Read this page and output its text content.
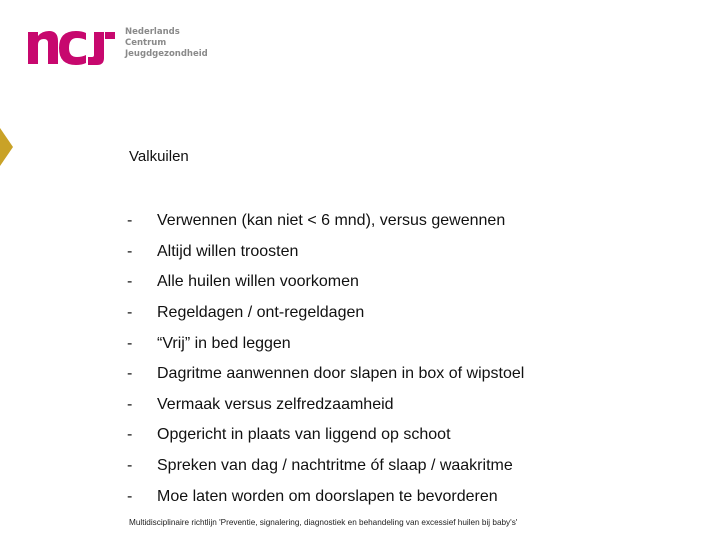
Nederlands
Centrum
Jeugdgezondheid
Valkuilen
-	Verwennen (kan niet < 6 mnd), versus gewennen
-	Altijd willen troosten
-	Alle huilen willen voorkomen
-	Regeldagen / ont-regeldagen
-	“Vrij” in bed leggen
-	Dagritme aanwennen door slapen in box of wipstoel
-	Vermaak versus zelfredzaamheid
-	Opgericht in plaats van liggend op schoot
-	Spreken van dag / nachtritme óf slaap / waakritme
-	Moe laten worden om doorslapen te bevorderen
Multidisciplinaire richtlijn 'Preventie, signalering, diagnostiek en behandeling van excessief huilen bij baby's'
